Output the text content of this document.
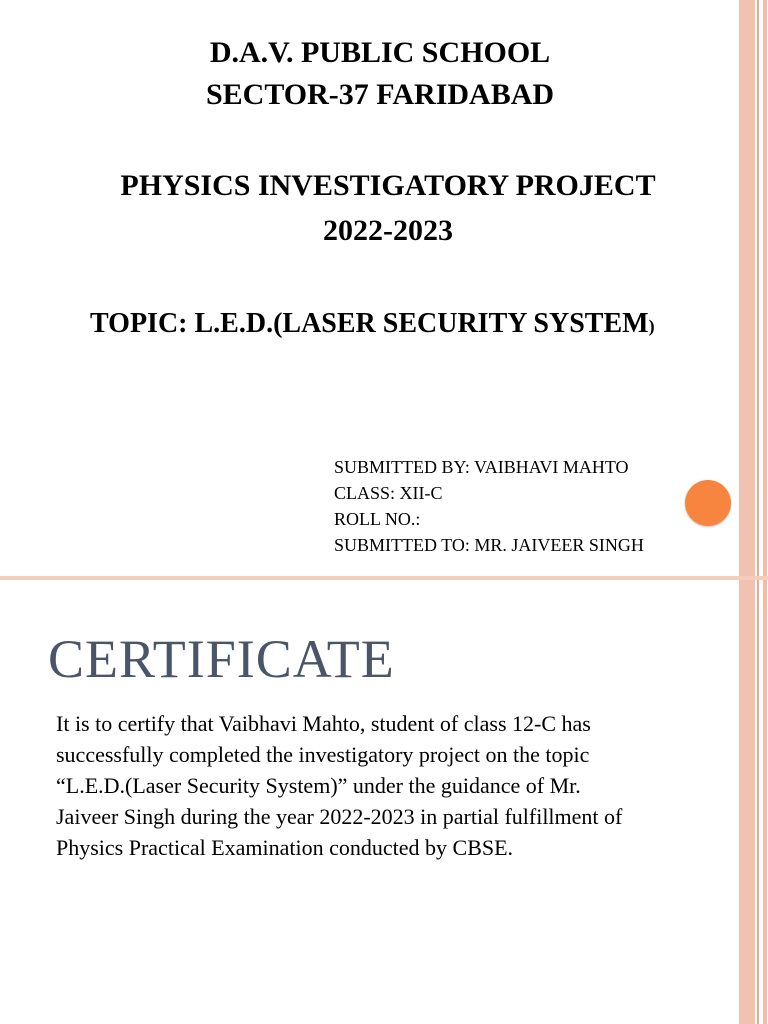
D.A.V. PUBLIC SCHOOL
SECTOR-37 FARIDABAD
PHYSICS INVESTIGATORY PROJECT
2022-2023
TOPIC: L.E.D.(LASER SECURITY SYSTEM)
SUBMITTED BY: VAIBHAVI MAHTO
CLASS: XII-C
ROLL NO.:
SUBMITTED TO: MR. JAIVEER SINGH
CERTIFICATE
It is to certify that Vaibhavi Mahto, student of class 12-C has
successfully completed the investigatory project on the topic
“L.E.D.(Laser Security System)” under the guidance of Mr.
Jaiveer Singh during the year 2022-2023 in partial fulfillment of
Physics Practical Examination conducted by CBSE.
